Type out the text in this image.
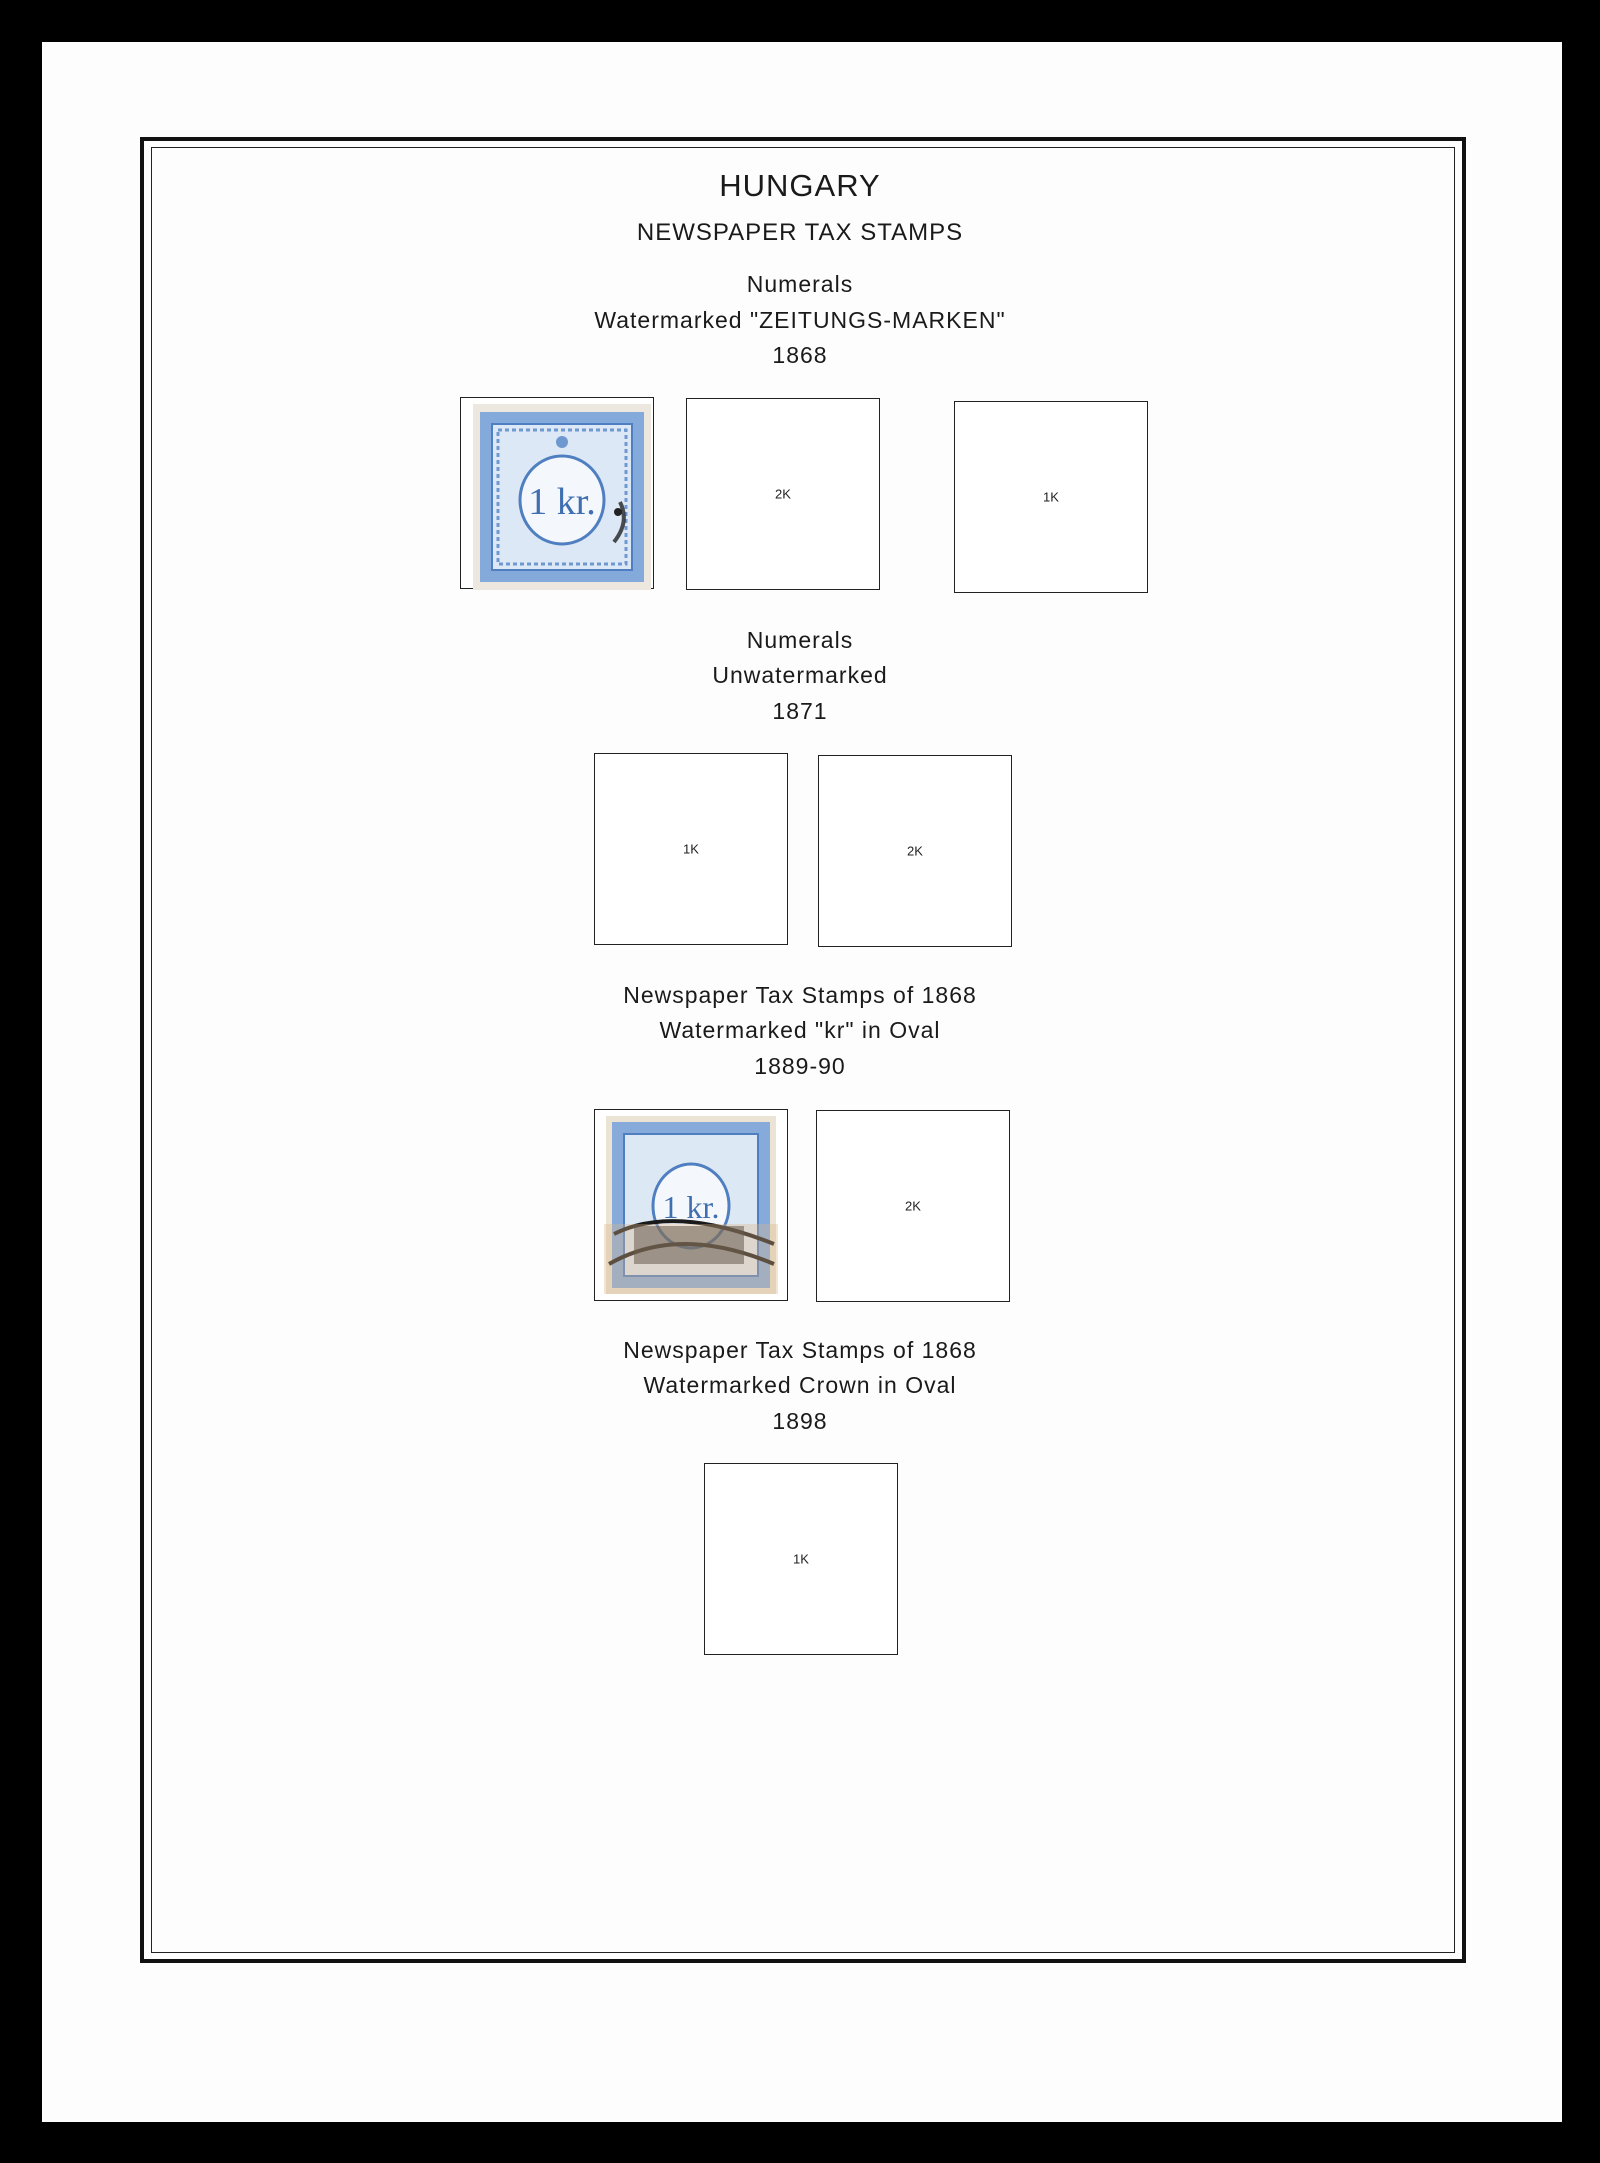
HUNGARY
NEWSPAPER TAX STAMPS
Numerals
Watermarked "ZEITUNGS-MARKEN"
1868
1 kr.	2K	1K
Numerals
Unwatermarked
1871
1K	2K
Newspaper Tax Stamps of 1868
Watermarked "kr" in Oval
1889-90
1 kr.	2K
Newspaper Tax Stamps of 1868
Watermarked Crown in Oval
1898
1K
